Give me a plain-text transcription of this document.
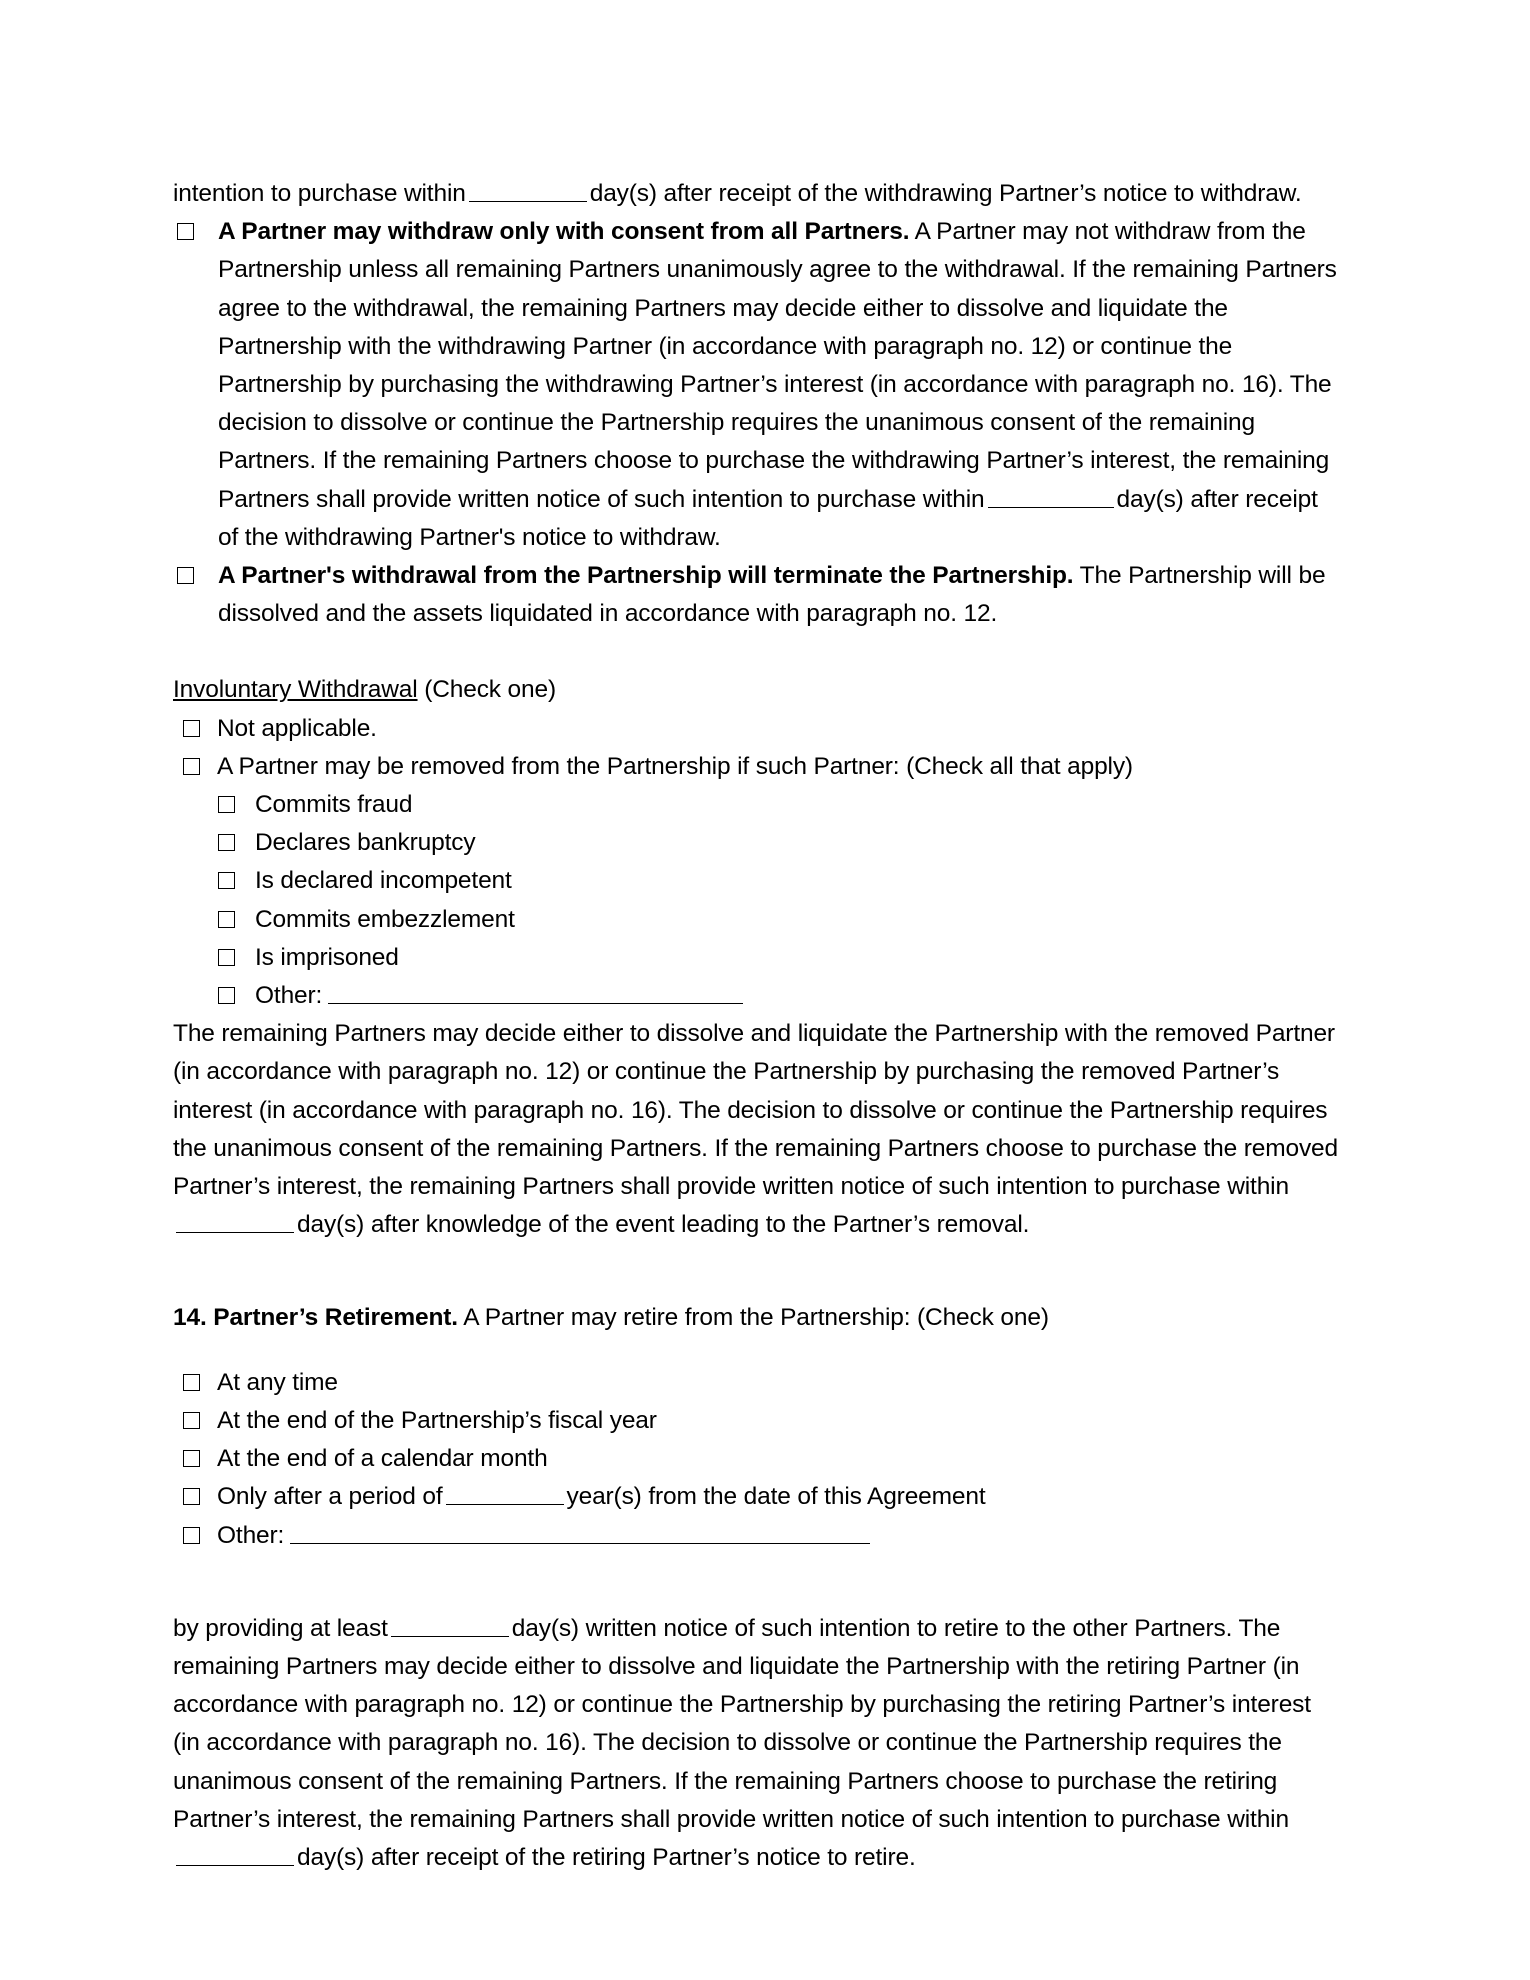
intention to purchase within	day(s) after receipt of the withdrawing Partner’s notice to withdraw.

A Partner may withdraw only with consent from all Partners. A Partner may not withdraw from the Partnership unless all remaining Partners unanimously agree to the withdrawal. If the remaining Partners agree to the withdrawal, the remaining Partners may decide either to dissolve and liquidate the Partnership with the withdrawing Partner (in accordance with paragraph no. 12) or continue the Partnership by purchasing the withdrawing Partner’s interest (in accordance with paragraph no. 16). The decision to dissolve or continue the Partnership requires the unanimous consent of the remaining Partners. If the remaining Partners choose to purchase the withdrawing Partner’s interest, the remaining Partners shall provide written notice of such intention to purchase within	day(s) after receipt of the withdrawing Partner's notice to withdraw.

A Partner's withdrawal from the Partnership will terminate the Partnership. The Partnership will be dissolved and the assets liquidated in accordance with paragraph no. 12.

Involuntary Withdrawal (Check one)

Not applicable.

A Partner may be removed from the Partnership if such Partner: (Check all that apply)

Commits fraud

Declares bankruptcy

Is declared incompetent

Commits embezzlement

Is imprisoned

Other:

The remaining Partners may decide either to dissolve and liquidate the Partnership with the removed Partner (in accordance with paragraph no. 12) or continue the Partnership by purchasing the removed Partner’s interest (in accordance with paragraph no. 16). The decision to dissolve or continue the Partnership requires the unanimous consent of the remaining Partners. If the remaining Partners choose to purchase the removed Partner’s interest, the remaining Partners shall provide written notice of such intention to purchase withinday(s) after knowledge of the event leading to the Partner’s removal.

14. Partner’s Retirement. A Partner may retire from the Partnership: (Check one)

At any time

At the end of the Partnership’s fiscal year

At the end of a calendar month

Only after a period of	year(s) from the date of this Agreement

Other:

by providing at least	day(s) written notice of such intention to retire to the other Partners. The remaining Partners may decide either to dissolve and liquidate the Partnership with the retiring Partner (in accordance with paragraph no. 12) or continue the Partnership by purchasing the retiring Partner’s interest (in accordance with paragraph no. 16). The decision to dissolve or continue the Partnership requires the unanimous consent of the remaining Partners. If the remaining Partners choose to purchase the retiring Partner’s interest, the remaining Partners shall provide written notice of such intention to purchase withinday(s) after receipt of the retiring Partner’s notice to retire.
